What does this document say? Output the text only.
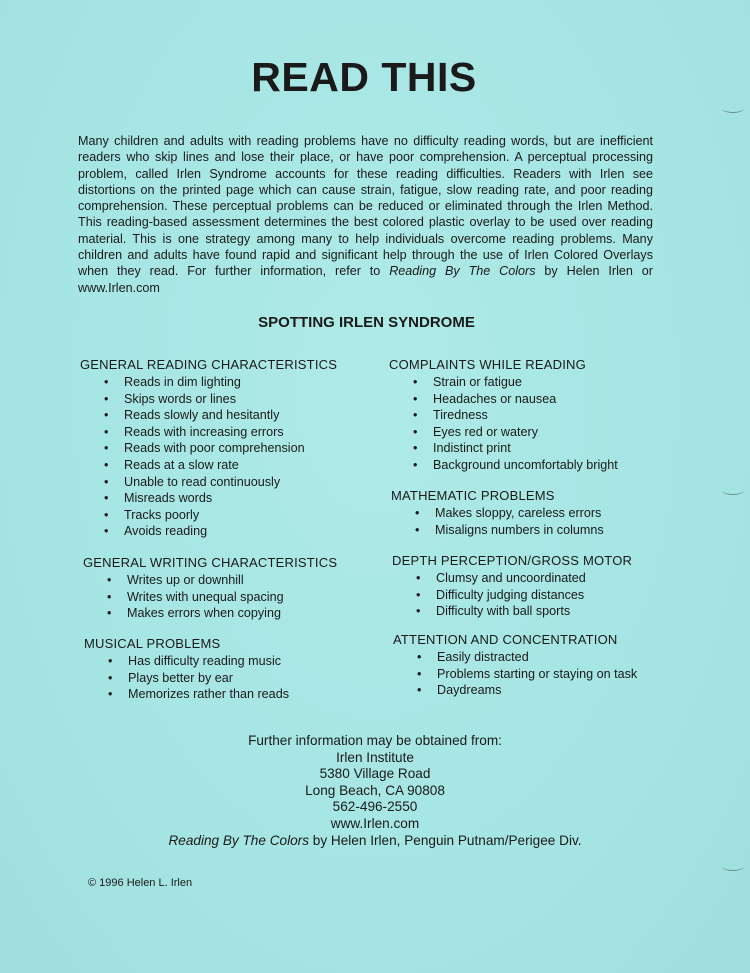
READ THIS
Many children and adults with reading problems have no difficulty reading words, but are inefficient readers who skip lines and lose their place, or have poor comprehension. A perceptual processing problem, called Irlen Syndrome accounts for these reading difficulties. Readers with Irlen see distortions on the printed page which can cause strain, fatigue, slow reading rate, and poor reading comprehension. These perceptual problems can be reduced or eliminated through the Irlen Method. This reading-based assessment determines the best colored plastic overlay to be used over reading material. This is one strategy among many to help individuals overcome reading problems. Many children and adults have found rapid and significant help through the use of Irlen Colored Overlays when they read. For further information, refer to Reading By The Colors by Helen Irlen or www.Irlen.com
SPOTTING IRLEN SYNDROME
GENERAL READING CHARACTERISTICS
• Reads in dim lighting
• Skips words or lines
• Reads slowly and hesitantly
• Reads with increasing errors
• Reads with poor comprehension
• Reads at a slow rate
• Unable to read continuously
• Misreads words
• Tracks poorly
• Avoids reading
GENERAL WRITING CHARACTERISTICS
• Writes up or downhill
• Writes with unequal spacing
• Makes errors when copying
MUSICAL PROBLEMS
• Has difficulty reading music
• Plays better by ear
• Memorizes rather than reads
COMPLAINTS WHILE READING
• Strain or fatigue
• Headaches or nausea
• Tiredness
• Eyes red or watery
• Indistinct print
• Background uncomfortably bright
MATHEMATIC PROBLEMS
• Makes sloppy, careless errors
• Misaligns numbers in columns
DEPTH PERCEPTION/GROSS MOTOR
• Clumsy and uncoordinated
• Difficulty judging distances
• Difficulty with ball sports
ATTENTION AND CONCENTRATION
• Easily distracted
• Problems starting or staying on task
• Daydreams
Further information may be obtained from:
Irlen Institute
5380 Village Road
Long Beach, CA 90808
562-496-2550
www.Irlen.com
Reading By The Colors by Helen Irlen, Penguin Putnam/Perigee Div.
© 1996 Helen L. Irlen
